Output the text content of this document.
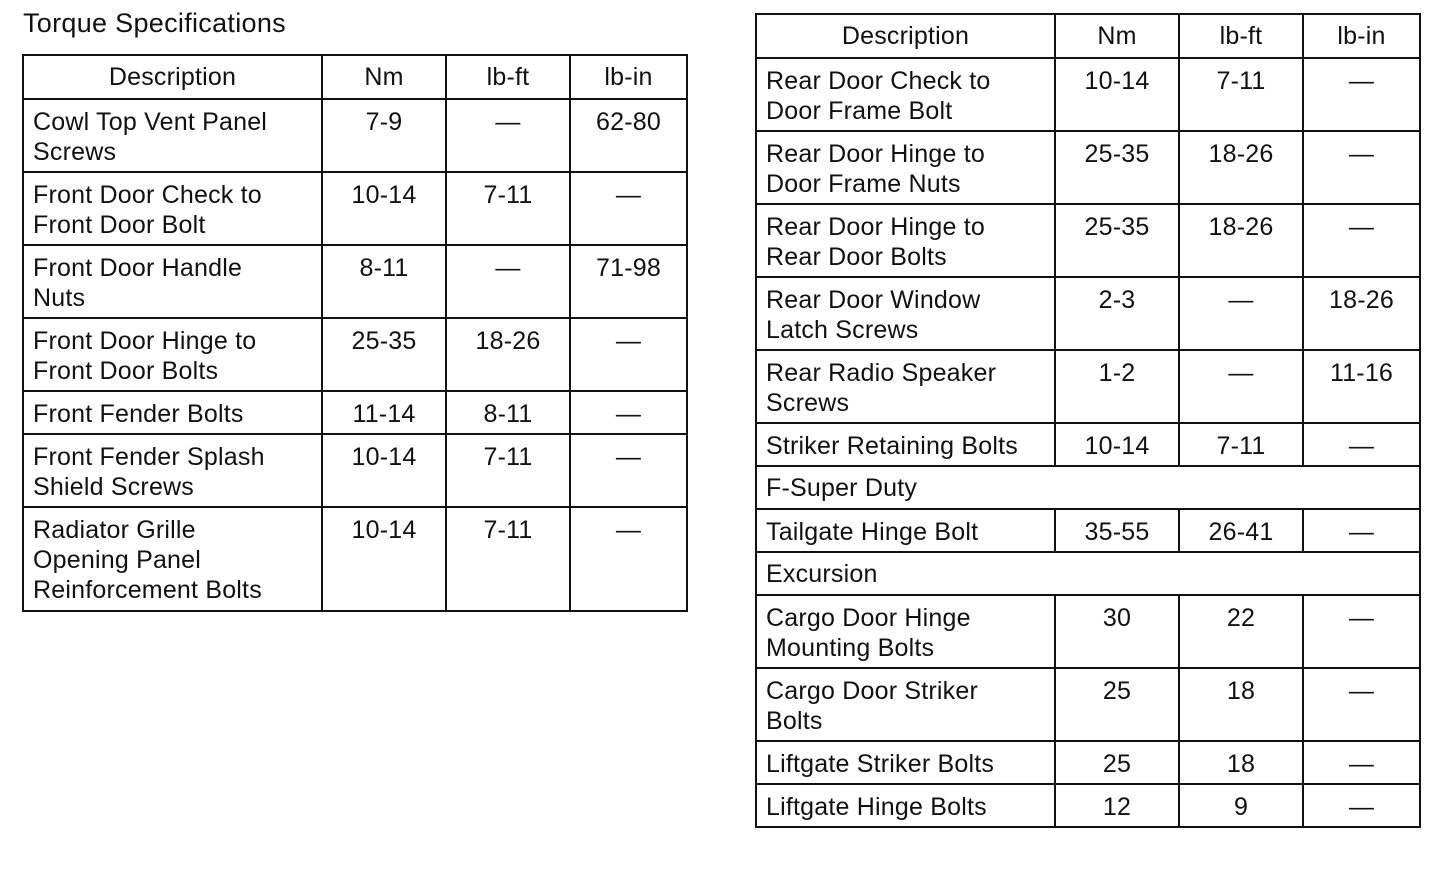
Torque Specifications
Description	Nm	lb-ft	lb-in
Cowl Top Vent Panel
Screws	7-9	—	62-80
Front Door Check to
Front Door Bolt	10-14	7-11	—
Front Door Handle
Nuts	8-11	—	71-98
Front Door Hinge to
Front Door Bolts	25-35	18-26	—
Front Fender Bolts	11-14	8-11	—
Front Fender Splash
Shield Screws	10-14	7-11	—
Radiator Grille
Opening Panel
Reinforcement Bolts	10-14	7-11	—
Description	Nm	lb-ft	lb-in
Rear Door Check to
Door Frame Bolt	10-14	7-11	—
Rear Door Hinge to
Door Frame Nuts	25-35	18-26	—
Rear Door Hinge to
Rear Door Bolts	25-35	18-26	—
Rear Door Window
Latch Screws	2-3	—	18-26
Rear Radio Speaker
Screws	1-2	—	11-16
Striker Retaining Bolts	10-14	7-11	—
F-Super Duty			
Tailgate Hinge Bolt	35-55	26-41	—
Excursion			
Cargo Door Hinge
Mounting Bolts	30	22	—
Cargo Door Striker
Bolts	25	18	—
Liftgate Striker Bolts	25	18	—
Liftgate Hinge Bolts	12	9	—
